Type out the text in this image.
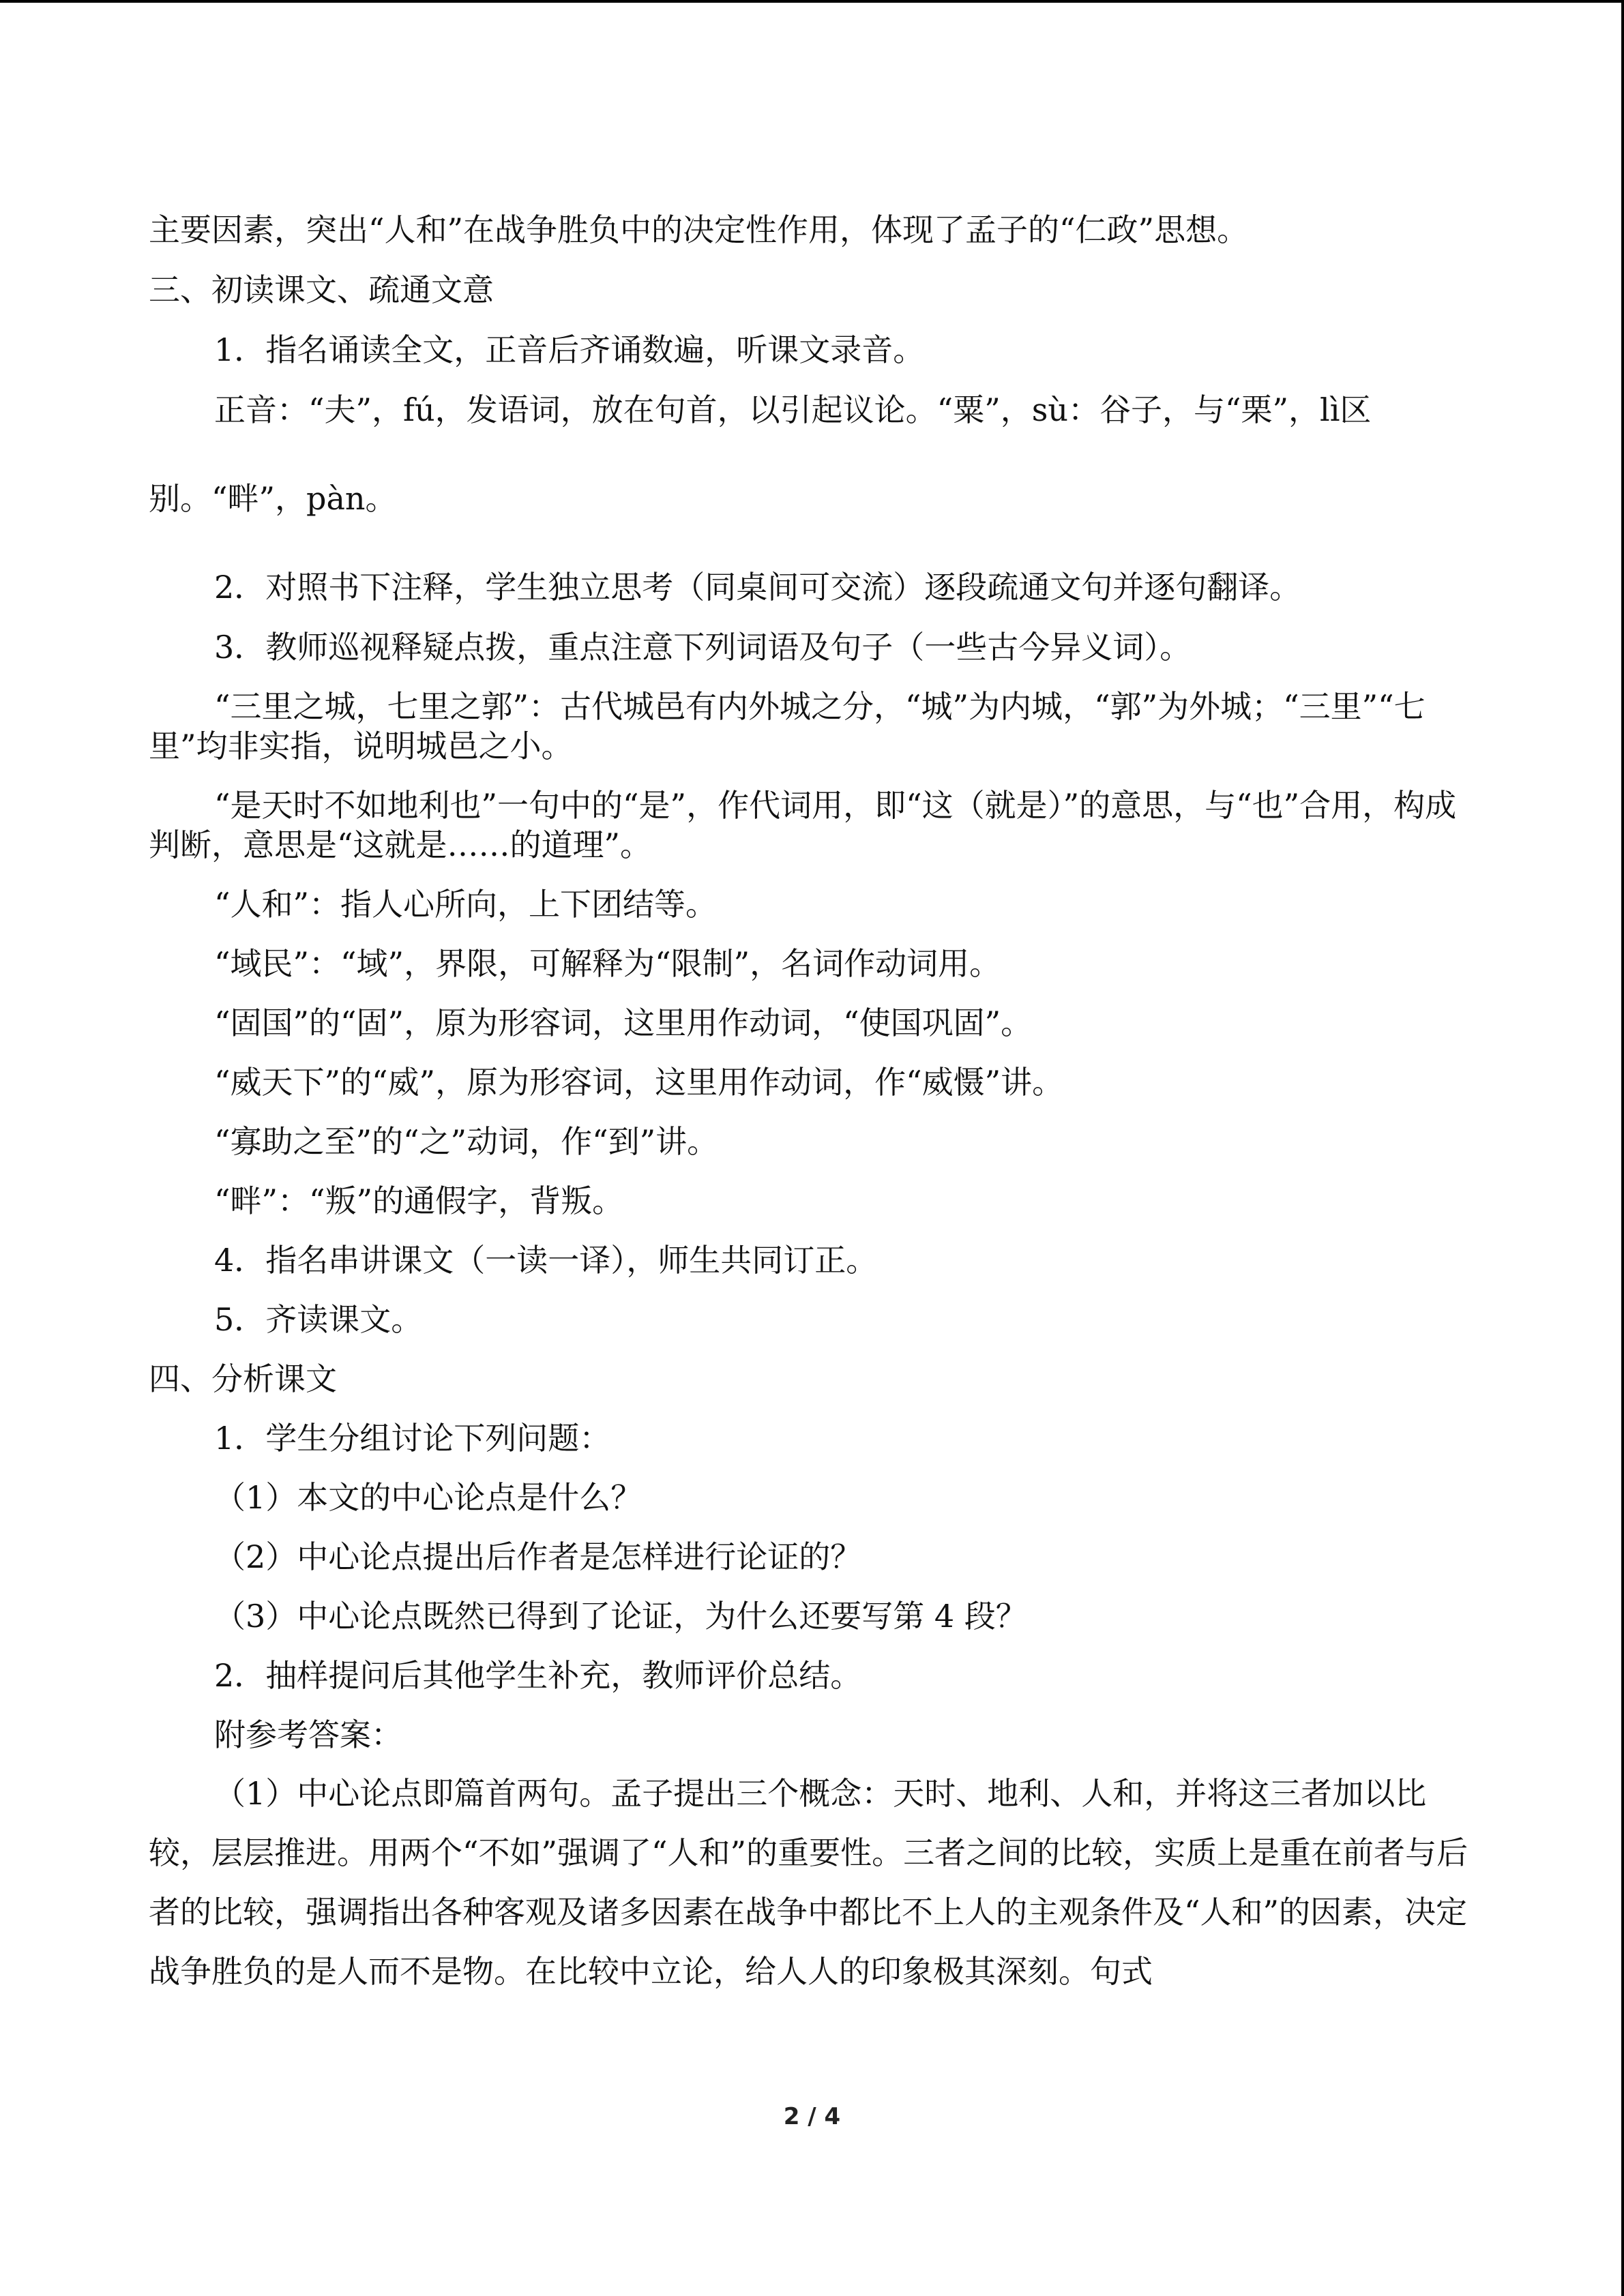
主要因素，突出“人和”在战争胜负中的决定性作用，体现了孟子的“仁政”思想。

三、初读课文、疏通文意

1．指名诵读全文，正音后齐诵数遍，听课文录音。

正音：“夫”，fú，发语词，放在句首，以引起议论。“粟”，sù：谷子，与“栗”，lì区

别。“畔”，pàn。

2．对照书下注释，学生独立思考（同桌间可交流）逐段疏通文句并逐句翻译。

3．教师巡视释疑点拨，重点注意下列词语及句子（一些古今异义词）。

“三里之城，七里之郭”：古代城邑有内外城之分，“城”为内城，“郭”为外城；“三里”“七里”均非实指，说明城邑之小。

“是天时不如地利也”一句中的“是”，作代词用，即“这（就是）”的意思，与“也”合用，构成判断，意思是“这就是……的道理”。

“人和”：指人心所向，上下团结等。

“域民”：“域”，界限，可解释为“限制”，名词作动词用。

“固国”的“固”，原为形容词，这里用作动词，“使国巩固”。

“威天下”的“威”，原为形容词，这里用作动词，作“威慑”讲。

“寡助之至”的“之”动词，作“到”讲。

“畔”：“叛”的通假字，背叛。

4．指名串讲课文（一读一译），师生共同订正。

5．齐读课文。

四、分析课文

1．学生分组讨论下列问题：

（1）本文的中心论点是什么？

（2）中心论点提出后作者是怎样进行论证的？

（3）中心论点既然已得到了论证，为什么还要写第 4 段？

2．抽样提问后其他学生补充，教师评价总结。

附参考答案：

（1）中心论点即篇首两句。孟子提出三个概念：天时、地利、人和，并将这三者加以比较，层层推进。用两个“不如”强调了“人和”的重要性。三者之间的比较，实质上是重在前者与后者的比较，强调指出各种客观及诸多因素在战争中都比不上人的主观条件及“人和”的因素，决定战争胜负的是人而不是物。在比较中立论，给人人的印象极其深刻。句式

2 / 4
